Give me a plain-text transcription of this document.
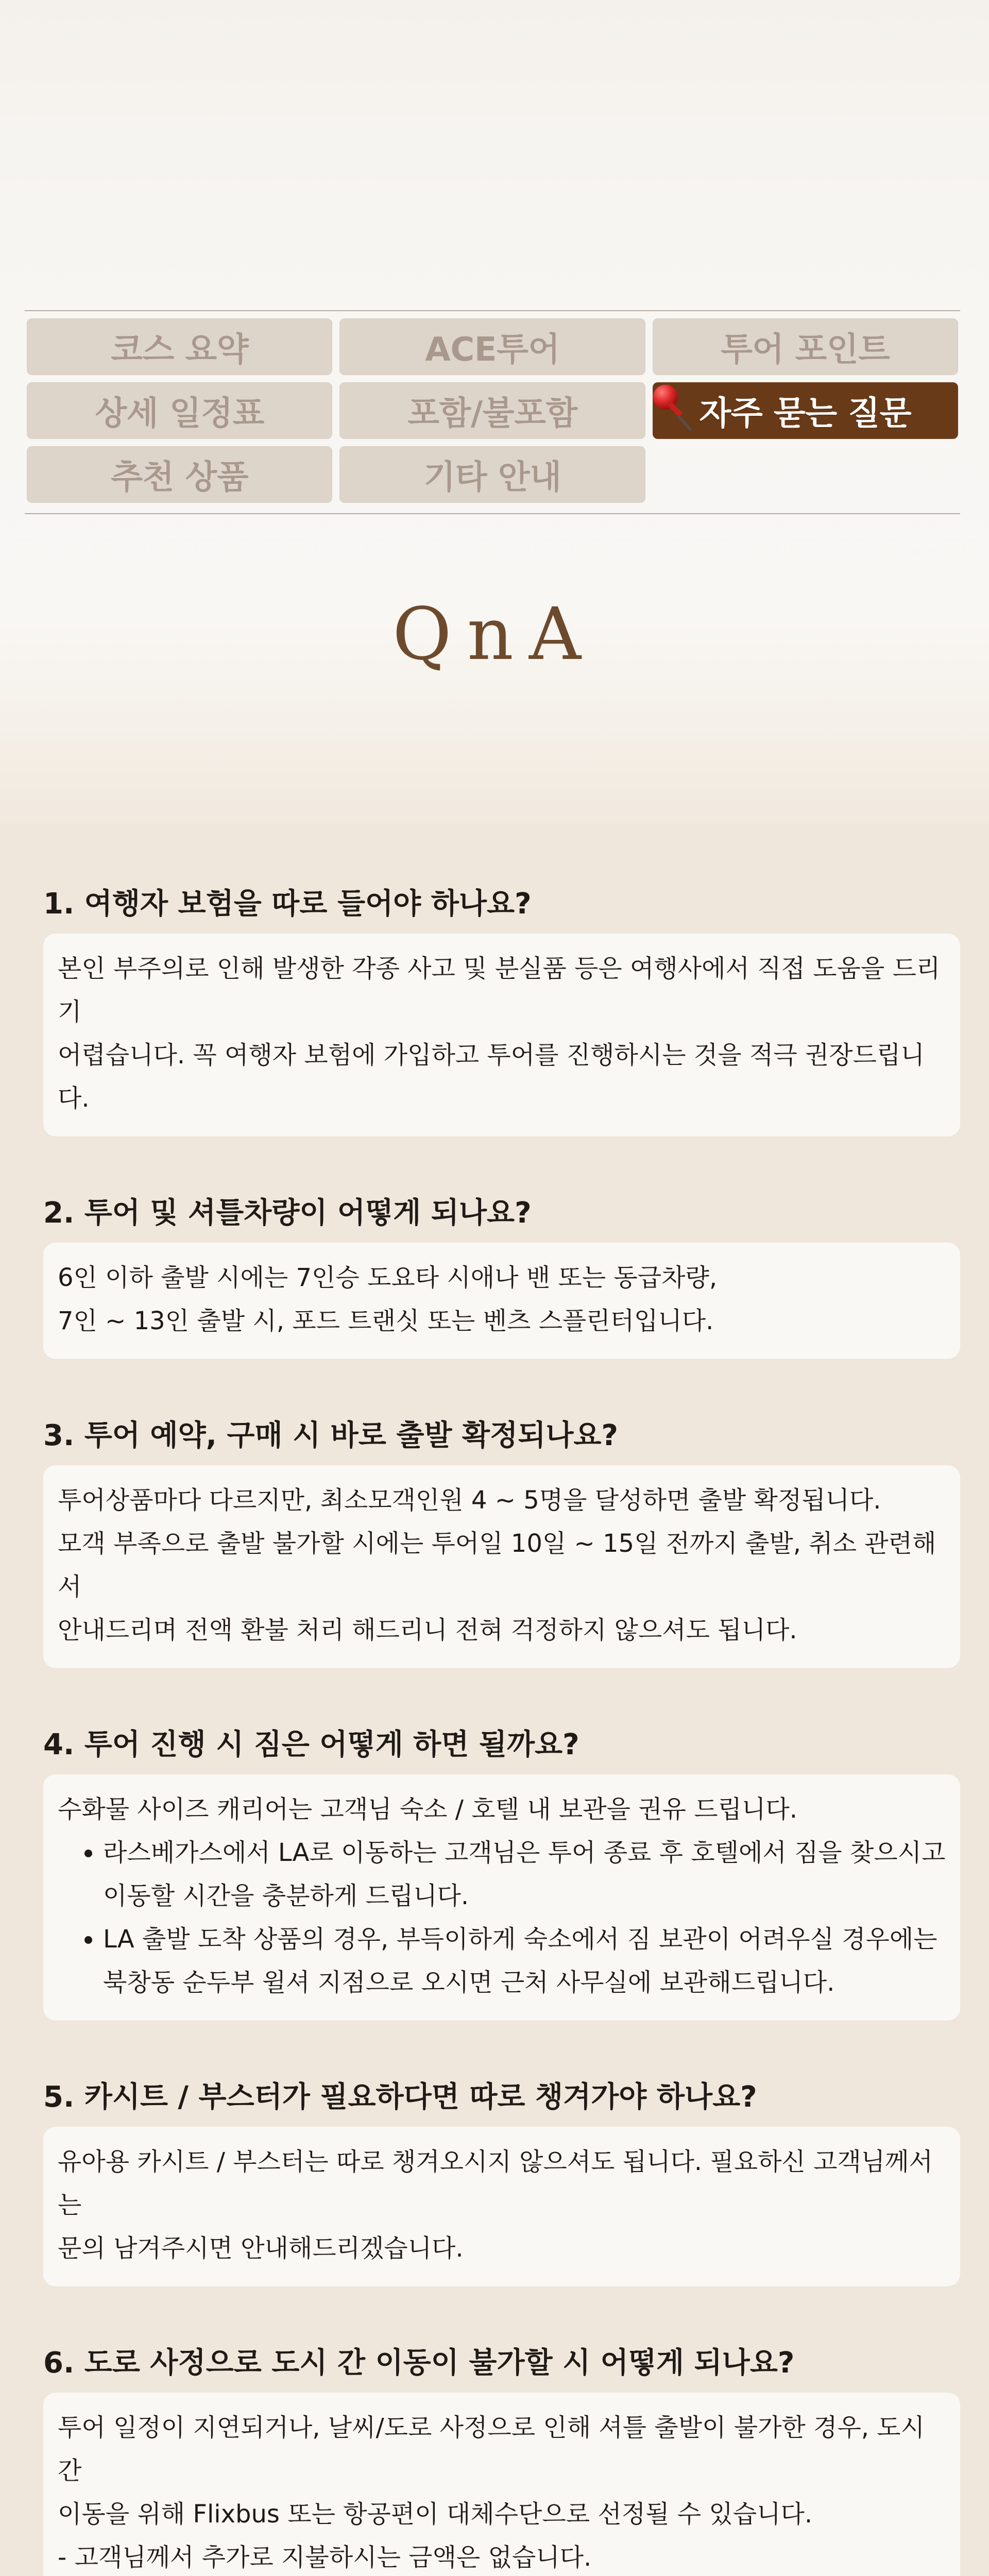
코스 요약	ACE투어	투어 포인트
상세 일정표	포함/불포함	자주 묻는 질문
추천 상품	기타 안내
QnA
1. 여행자 보험을 따로 들어야 하나요?
본인 부주의로 인해 발생한 각종 사고 및 분실품 등은 여행사에서 직접 도움을 드리기
어렵습니다. 꼭 여행자 보험에 가입하고 투어를 진행하시는 것을 적극 권장드립니다.
2. 투어 및 셔틀차량이 어떻게 되나요?
6인 이하 출발 시에는 7인승 도요타 시애나 밴 또는 동급차량,
7인 ~ 13인 출발 시, 포드 트랜싯 또는 벤츠 스플린터입니다.
3. 투어 예약, 구매 시 바로 출발 확정되나요?
투어상품마다 다르지만, 최소모객인원 4 ~ 5명을 달성하면 출발 확정됩니다.
모객 부족으로 출발 불가할 시에는 투어일 10일 ~ 15일 전까지 출발, 취소 관련해서
안내드리며 전액 환불 처리 해드리니 전혀 걱정하지 않으셔도 됩니다.
4. 투어 진행 시 짐은 어떻게 하면 될까요?
수화물 사이즈 캐리어는 고객님 숙소 / 호텔 내 보관을 권유 드립니다.
• 라스베가스에서 LA로 이동하는 고객님은 투어 종료 후 호텔에서 짐을 찾으시고 이동할 시간을 충분하게 드립니다.
• LA 출발 도착 상품의 경우, 부득이하게 숙소에서 짐 보관이 어려우실 경우에는 북창동 순두부 윌셔 지점으로 오시면 근처 사무실에 보관해드립니다.
5. 카시트 / 부스터가 필요하다면 따로 챙겨가야 하나요?
유아용 카시트 / 부스터는 따로 챙겨오시지 않으셔도 됩니다. 필요하신 고객님께서는
문의 남겨주시면 안내해드리겠습니다.
6. 도로 사정으로 도시 간 이동이 불가할 시 어떻게 되나요?
투어 일정이 지연되거나, 날씨/도로 사정으로 인해 셔틀 출발이 불가한 경우, 도시간
이동을 위해 Flixbus 또는 항공편이 대체수단으로 선정될 수 있습니다.
- 고객님께서 추가로 지불하시는 금액은 없습니다.
